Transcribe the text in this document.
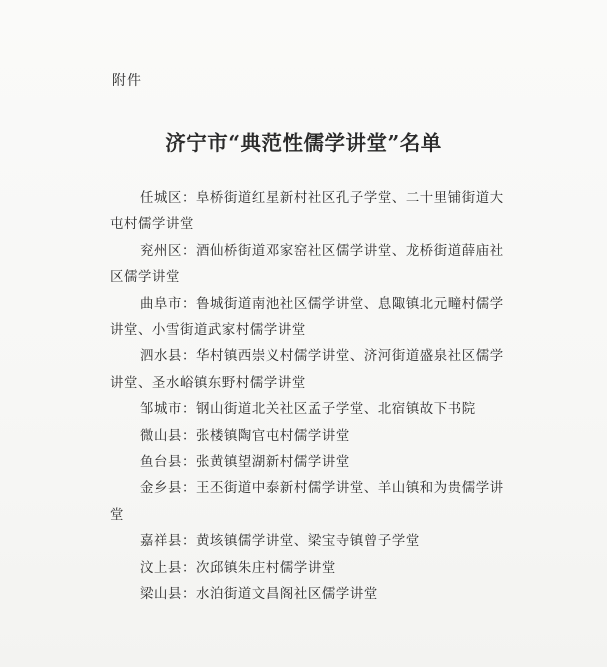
附件
济宁市“典范性儒学讲堂”名单
任城区：阜桥街道红星新村社区孔子学堂、二十里铺街道大屯村儒学讲堂
兖州区：酒仙桥街道邓家窑社区儒学讲堂、龙桥街道薛庙社区儒学讲堂
曲阜市：鲁城街道南池社区儒学讲堂、息陬镇北元疃村儒学讲堂、小雪街道武家村儒学讲堂
泗水县：华村镇西崇义村儒学讲堂、济河街道盛泉社区儒学讲堂、圣水峪镇东野村儒学讲堂
邹城市：钢山街道北关社区孟子学堂、北宿镇故下书院
微山县：张楼镇陶官屯村儒学讲堂
鱼台县：张黄镇望湖新村儒学讲堂
金乡县：王丕街道中泰新村儒学讲堂、羊山镇和为贵儒学讲堂
嘉祥县：黄垓镇儒学讲堂、梁宝寺镇曾子学堂
汶上县：次邱镇朱庄村儒学讲堂
梁山县：水泊街道文昌阁社区儒学讲堂
